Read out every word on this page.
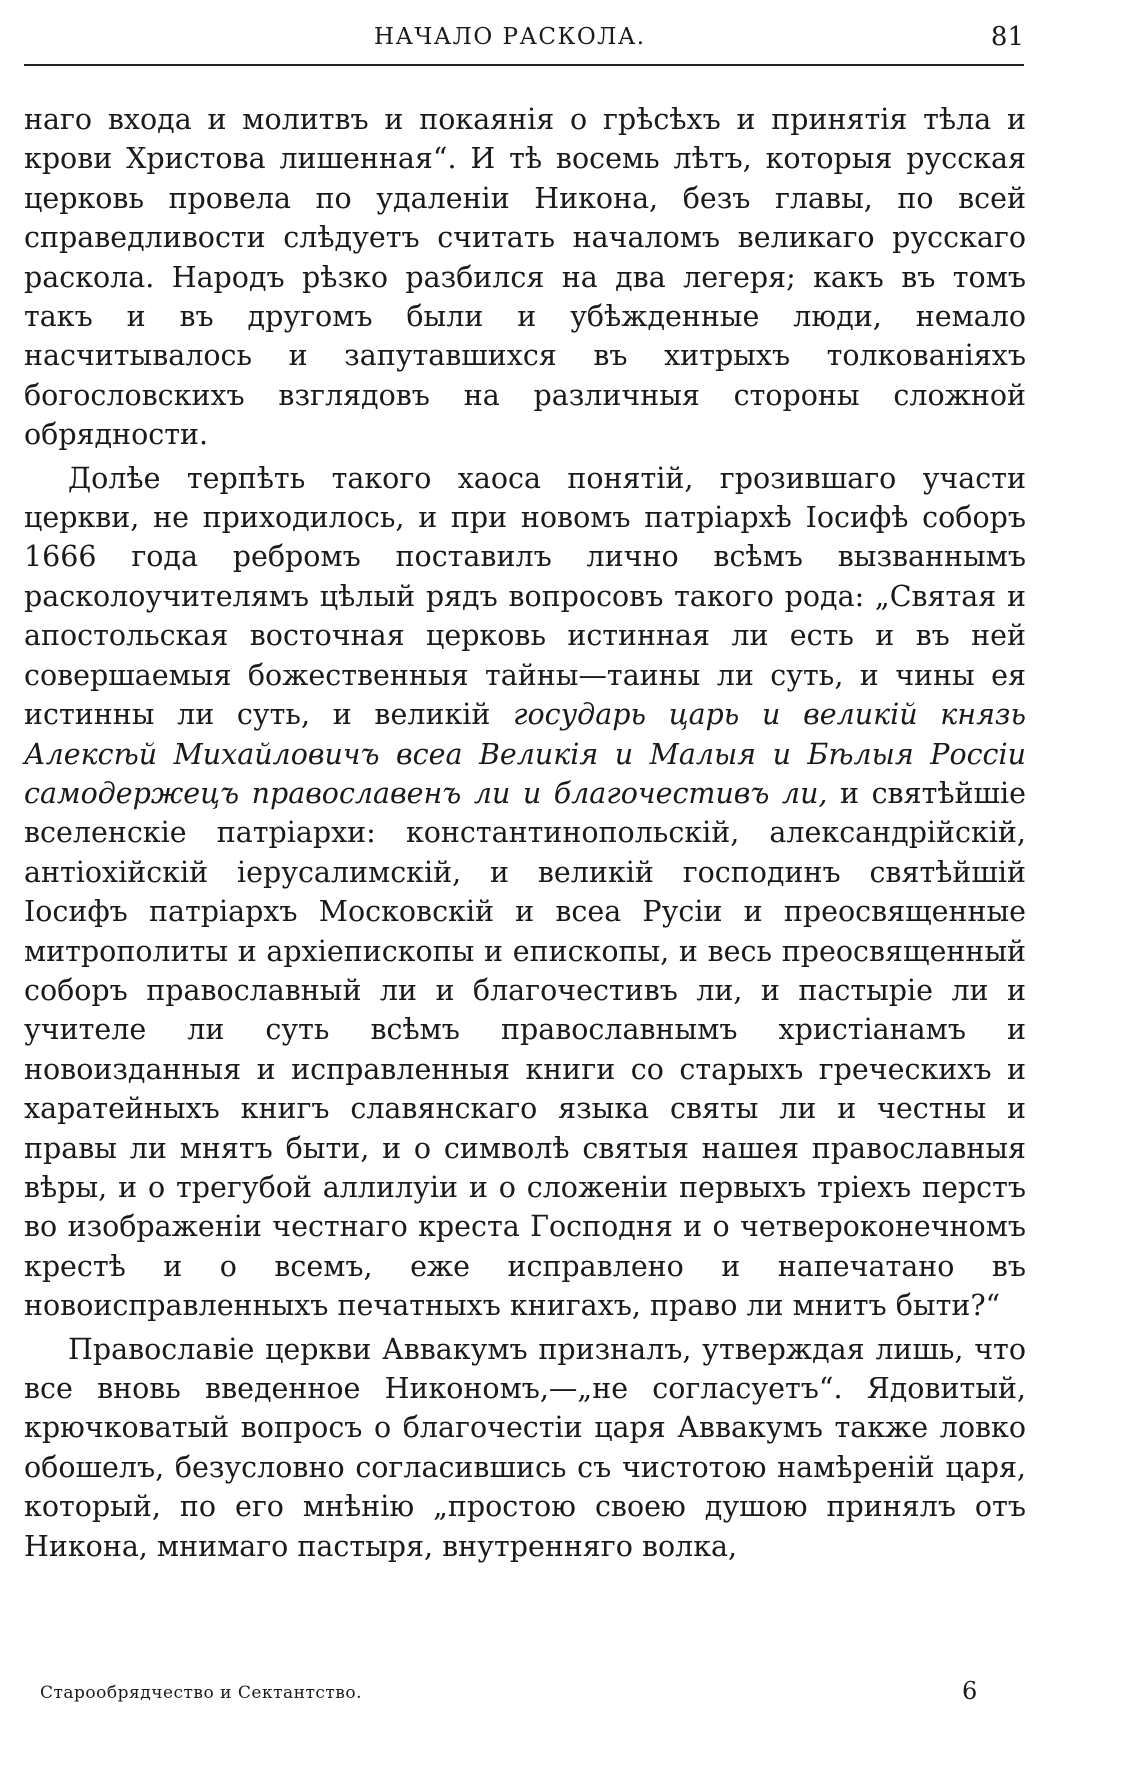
НАЧАЛО РАСКОЛА.	81

наго входа и молитвъ и покаянія о грѣсѣхъ и принятія тѣла и крови Христова лишенная“. И тѣ восемь лѣтъ, которыя русская церковь провела по удаленіи Никона, безъ главы, по всей справедливости слѣдуетъ считать началомъ великаго русскаго раскола. Народъ рѣзко разбился на два легеря; какъ въ томъ такъ и въ другомъ были и убѣжденные люди, немало насчитывалось и запутавшихся въ хитрыхъ толкованіяхъ богословскихъ взглядовъ на различныя стороны сложной обрядности.

Долѣе терпѣть такого хаоса понятій, грозившаго участи церкви, не приходилось, и при новомъ патріархѣ Іосифѣ соборъ 1666 года ребромъ поставилъ лично всѣмъ вызваннымъ расколоучителямъ цѣлый рядъ вопросовъ такого рода: „Святая и апостольская восточная церковь истинная ли есть и въ ней совершаемыя божественныя тайны—таины ли суть, и чины ея истинны ли суть, и великій государь царь и великій князь Алексѣй Михайловичъ всеа Великія и Малыя и Бѣлыя Россіи самодержецъ православенъ ли и благочестивъ ли, и святѣйшіе вселенскіе патріархи: константинопольскій, александрійскій, антіохійскій іерусалимскій, и великій господинъ святѣйшій Іосифъ патріархъ Московскій и всеа Русіи и преосвященные митрополиты и архіепископы и епископы, и весь преосвященный соборъ православный ли и благочестивъ ли, и пастыріе ли и учителе ли суть всѣмъ православнымъ христіанамъ и новоизданныя и исправленныя книги со старыхъ греческихъ и харатейныхъ книгъ славянскаго языка святы ли и честны и правы ли мнятъ быти, и о символѣ святыя нашея православныя вѣры, и о трегубой аллилуіи и о сложеніи первыхъ тріехъ перстъ во изображеніи честнаго креста Господня и о четвероконечномъ крестѣ и о всемъ, еже исправлено и напечатано въ новоисправленныхъ печатныхъ книгахъ, право ли мнитъ быти?“

Православіе церкви Аввакумъ призналъ, утверждая лишь, что все вновь введенное Никономъ,—„не согласуетъ“. Ядовитый, крючковатый вопросъ о благочестіи царя Аввакумъ также ловко обошелъ, безусловно согласившись съ чистотою намѣреній царя, который, по его мнѣнію „простою своею душою принялъ отъ Никона, мнимаго пастыря, внутренняго волка,

Старообрядчество и Сектантство.	6
